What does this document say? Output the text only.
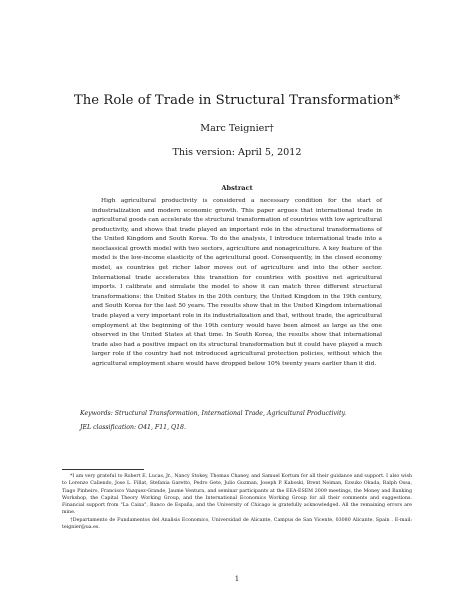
The Role of Trade in Structural Transformation*
Marc Teignier†
This version: April 5, 2012
Abstract

High agricultural productivity is considered a necessary condition for the start of industrialization and modern economic growth. This paper argues that international trade in agricultural goods can accelerate the structural transformation of countries with low agricultural productivity, and shows that trade played an important role in the structural transformations of the United Kingdom and South Korea. To do the analysis, I introduce international trade into a neoclassical growth model with two sectors, agriculture and nonagriculture. A key feature of the model is the low-income elasticity of the agricultural good. Consequently, in the closed economy model, as countries get richer labor moves out of agriculture and into the other sector. International trade accelerates this transition for countries with positive net agricultural imports. I calibrate and simulate the model to show it can match three different structural transformations: the United States in the 20th century, the United Kingdom in the 19th century, and South Korea for the last 50 years. The results show that in the United Kingdom international trade played a very important role in its industrialization and that, without trade, the agricultural employment at the beginning of the 19th century would have been almost as large as the one observed in the United States at that time. In South Korea, the results show that international trade also had a positive impact on its structural transformation but it could have played a much larger role if the country had not introduced agricultural protection policies, without which the agricultural employment share would have dropped below 10% twenty years earlier than it did.

Keywords: Structural Transformation, International Trade, Agricultural Productivity.

JEL classification: O41, F11, Q18.

*I am very grateful to Robert E. Lucas, Jr., Nancy Stokey, Thomas Chaney, and Samuel Kortum for all their guidance and support. I also wish to Lorenzo Caliendo, Jose L. Fillat, Stefania Garetto, Pedro Gete, Julio Guzman, Joseph P. Kaboski, Brent Neiman, Ezsuko Okada, Ralph Ossa, Tiago Pinheiro, Francisco Vazquez-Grande, Jaume Ventura, and seminar participants at the EEA-ESEM 2009 meetings, the Money and Banking Workshop, the Capital Theory Working Group, and the International Economics Working Group for all their comments and suggestions. Financial support from "La Caixa", Banco de España, and the University of Chicago is gratefully acknowledged. All the remaining errors are mine.

†Departamento de Fundamentos del Analisis Economico, Universidad de Alicante, Campus de San Vicente, 03080 Alicante, Spain . E-mail: teignier@ua.es.

1
